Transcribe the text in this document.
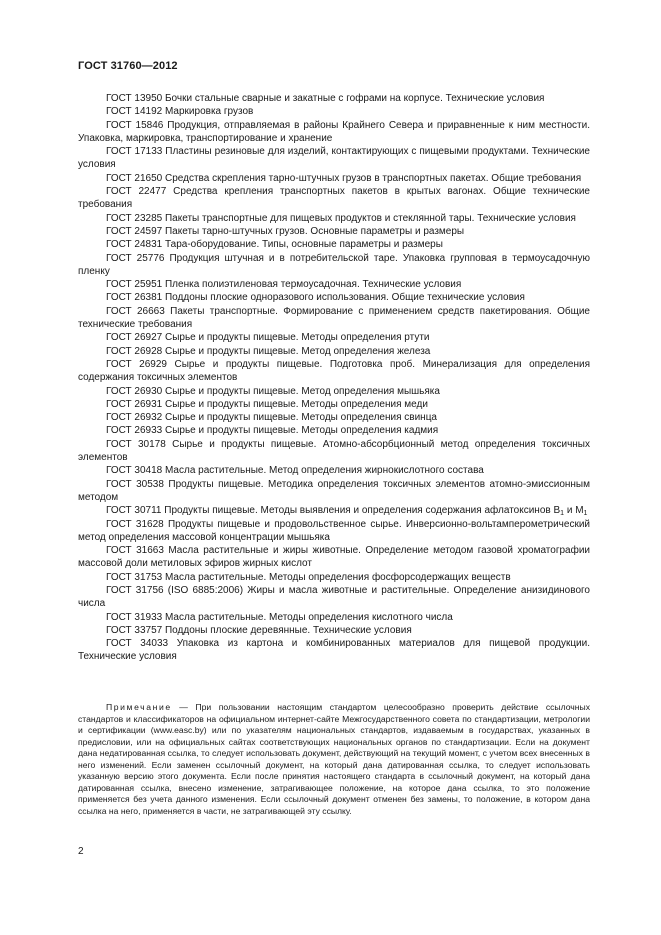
ГОСТ 31760—2012

ГОСТ 13950 Бочки стальные сварные и закатные с гофрами на корпусе. Технические условия

ГОСТ 14192 Маркировка грузов

ГОСТ 15846 Продукция, отправляемая в районы Крайнего Севера и приравненные к ним местности. Упаковка, маркировка, транспортирование и хранение

ГОСТ 17133 Пластины резиновые для изделий, контактирующих с пищевыми продуктами. Технические условия

ГОСТ 21650 Средства скрепления тарно-штучных грузов в транспортных пакетах. Общие требования

ГОСТ 22477 Средства крепления транспортных пакетов в крытых вагонах. Общие технические требования

ГОСТ 23285 Пакеты транспортные для пищевых продуктов и стеклянной тары. Технические условия

ГОСТ 24597 Пакеты тарно-штучных грузов. Основные параметры и размеры

ГОСТ 24831 Тара-оборудование. Типы, основные параметры и размеры

ГОСТ 25776 Продукция штучная и в потребительской таре. Упаковка групповая в термоусадочную пленку

ГОСТ 25951 Пленка полиэтиленовая термоусадочная. Технические условия

ГОСТ 26381 Поддоны плоские одноразового использования. Общие технические условия

ГОСТ 26663 Пакеты транспортные. Формирование с применением средств пакетирования. Общие технические требования

ГОСТ 26927 Сырье и продукты пищевые. Методы определения ртути

ГОСТ 26928 Сырье и продукты пищевые. Метод определения железа

ГОСТ 26929 Сырье и продукты пищевые. Подготовка проб. Минерализация для определения содержания токсичных элементов

ГОСТ 26930 Сырье и продукты пищевые. Метод определения мышьяка

ГОСТ 26931 Сырье и продукты пищевые. Методы определения меди

ГОСТ 26932 Сырье и продукты пищевые. Методы определения свинца

ГОСТ 26933 Сырье и продукты пищевые. Методы определения кадмия

ГОСТ 30178 Сырье и продукты пищевые. Атомно-абсорбционный метод определения токсичных элементов

ГОСТ 30418 Масла растительные. Метод определения жирнокислотного состава

ГОСТ 30538 Продукты пищевые. Методика определения токсичных элементов атомно-эмиссионным методом

ГОСТ 30711 Продукты пищевые. Методы выявления и определения содержания афлатоксинов $B_1$ и $M_1$

ГОСТ 31628 Продукты пищевые и продовольственное сырье. Инверсионно-вольтамперометрический метод определения массовой концентрации мышьяка

ГОСТ 31663 Масла растительные и жиры животные. Определение методом газовой хроматографии массовой доли метиловых эфиров жирных кислот

ГОСТ 31753 Масла растительные. Методы определения фосфорсодержащих веществ

ГОСТ 31756 (ISO 6885:2006) Жиры и масла животные и растительные. Определение анизидинового числа

ГОСТ 31933 Масла растительные. Методы определения кислотного числа

ГОСТ 33757 Поддоны плоские деревянные. Технические условия

ГОСТ 34033 Упаковка из картона и комбинированных материалов для пищевой продукции. Технические условия

Примечание — При пользовании настоящим стандартом целесообразно проверить действие ссылочных стандартов и классификаторов на официальном интернет-сайте Межгосударственного совета по стандартизации, метрологии и сертификации (www.easc.by) или по указателям национальных стандартов, издаваемым в государствах, указанных в предисловии, или на официальных сайтах соответствующих национальных органов по стандартизации. Если на документ дана недатированная ссылка, то следует использовать документ, действующий на текущий момент, с учетом всех внесенных в него изменений. Если заменен ссылочный документ, на который дана датированная ссылка, то следует использовать указанную версию этого документа. Если после принятия настоящего стандарта в ссылочный документ, на который дана датированная ссылка, внесено изменение, затрагивающее положение, на которое дана ссылка, то это положение применяется без учета данного изменения. Если ссылочный документ отменен без замены, то положение, в котором дана ссылка на него, применяется в части, не затрагивающей эту ссылку.

2
